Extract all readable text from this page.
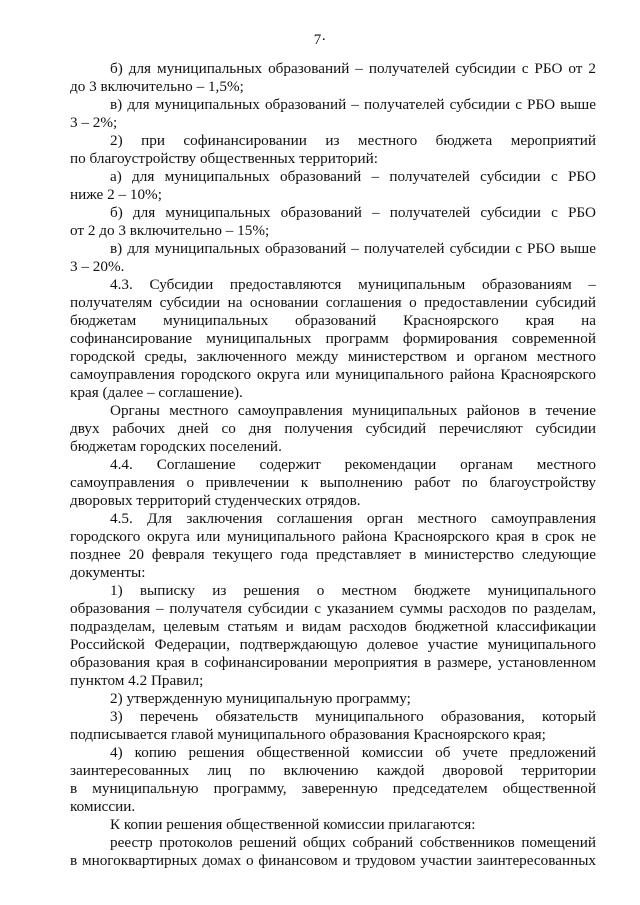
7·
б) для муниципальных образований – получателей субсидии с РБО от 2
до 3 включительно – 1,5%;
в) для муниципальных образований – получателей субсидии с РБО выше
3 – 2%;
2) при софинансировании из местного бюджета мероприятий
по благоустройству общественных территорий:
а) для муниципальных образований – получателей субсидии с РБО
ниже 2 – 10%;
б) для муниципальных образований – получателей субсидии с РБО
от 2 до 3 включительно – 15%;
в) для муниципальных образований – получателей субсидии с РБО выше
3 – 20%.
4.3. Субсидии предоставляются муниципальным образованиям –
получателям субсидии на основании соглашения о предоставлении субсидий
бюджетам муниципальных образований Красноярского края на
софинансирование муниципальных программ формирования современной
городской среды, заключенного между министерством и органом местного
самоуправления городского округа или муниципального района Красноярского
края (далее – соглашение).
Органы местного самоуправления муниципальных районов в течение
двух рабочих дней со дня получения субсидий перечисляют субсидии
бюджетам городских поселений.
4.4. Соглашение содержит рекомендации органам местного
самоуправления о привлечении к выполнению работ по благоустройству
дворовых территорий студенческих отрядов.
4.5. Для заключения соглашения орган местного самоуправления
городского округа или муниципального района Красноярского края в срок не
позднее 20 февраля текущего года представляет в министерство следующие
документы:
1) выписку из решения о местном бюджете муниципального
образования – получателя субсидии с указанием суммы расходов по разделам,
подразделам, целевым статьям и видам расходов бюджетной классификации
Российской Федерации, подтверждающую долевое участие муниципального
образования края в софинансировании мероприятия в размере, установленном
пунктом 4.2 Правил;
2) утвержденную муниципальную программу;
3) перечень обязательств муниципального образования, который
подписывается главой муниципального образования Красноярского края;
4) копию решения общественной комиссии об учете предложений
заинтересованных лиц по включению каждой дворовой территории
в муниципальную программу, заверенную председателем общественной
комиссии.
К копии решения общественной комиссии прилагаются:
реестр протоколов решений общих собраний собственников помещений
в многоквартирных домах о финансовом и трудовом участии заинтересованных
